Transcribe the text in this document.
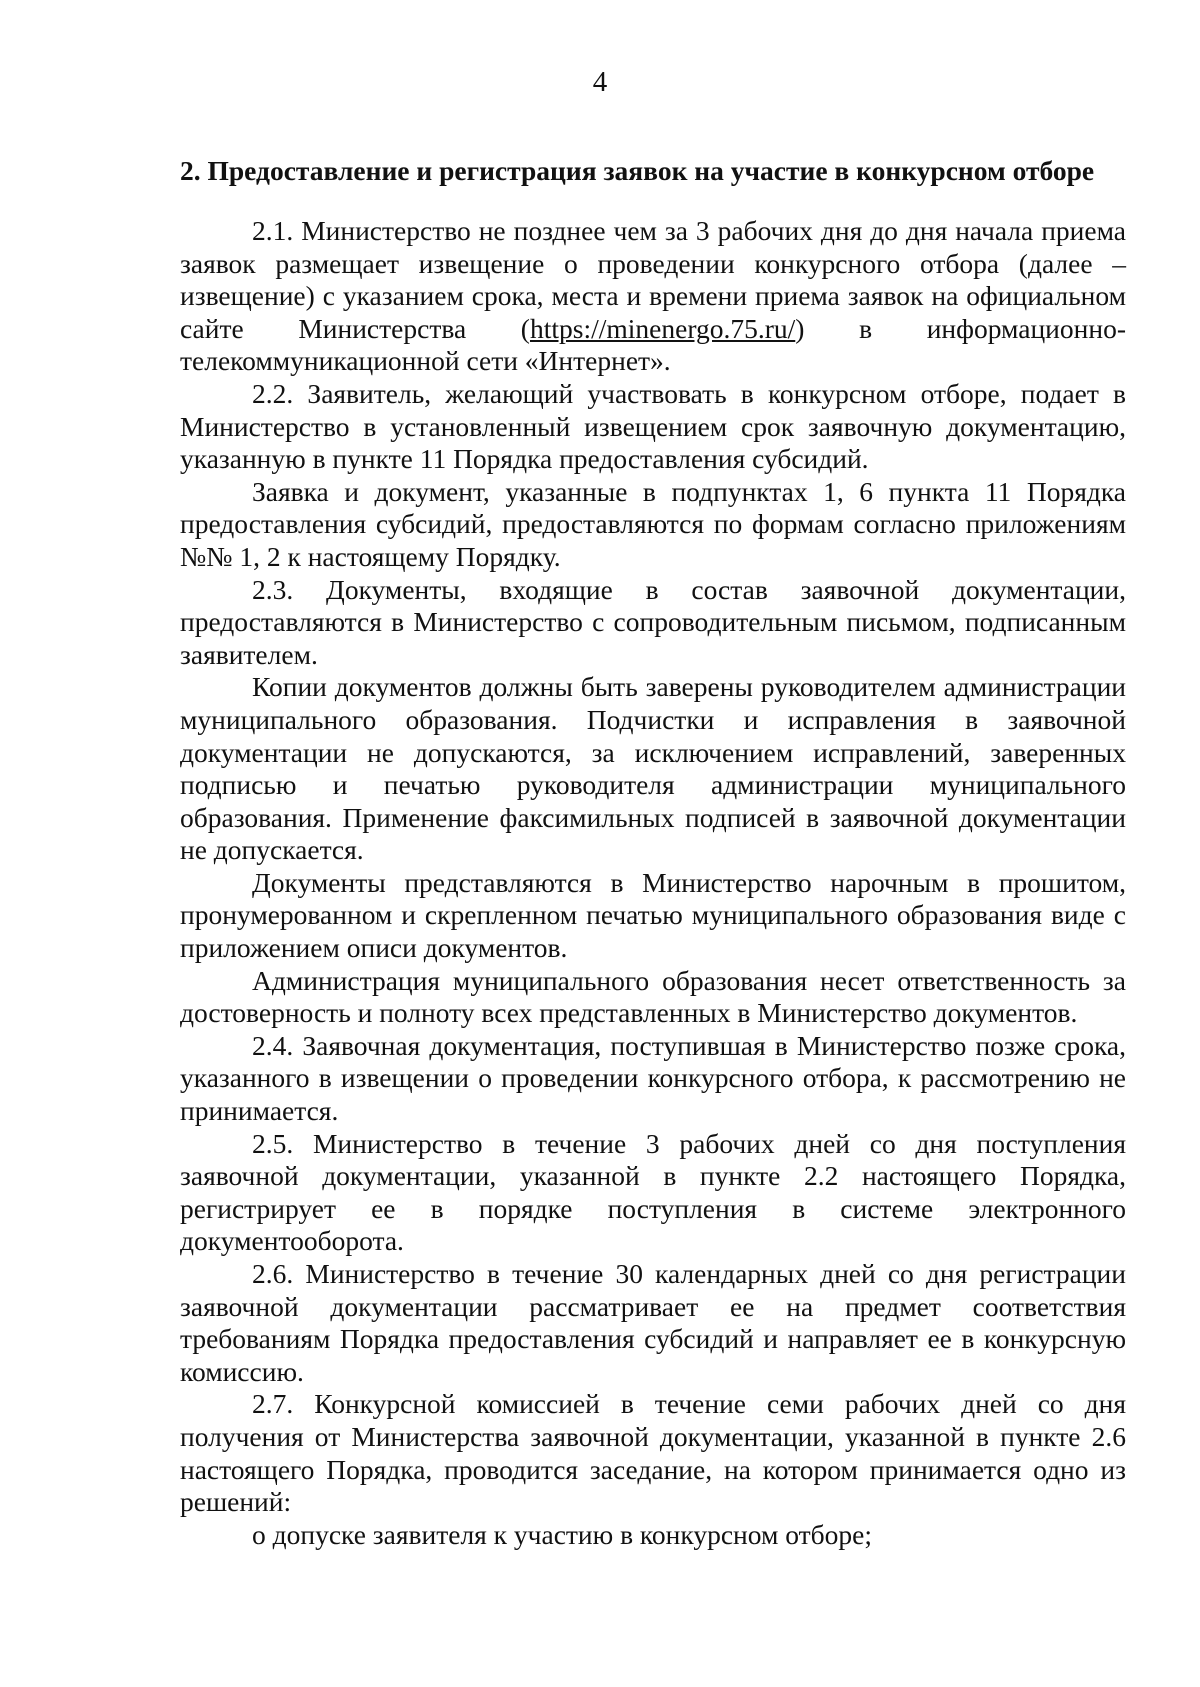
4
2. Предоставление и регистрация заявок на участие в конкурсном отборе

2.1. Министерство не позднее чем за 3 рабочих дня до дня начала приема заявок размещает извещение о проведении конкурсного отбора (далее – извещение) с указанием срока, места и времени приема заявок на официальном сайте Министерства (https://minenergo.75.ru/) в информационно-телекоммуникационной сети «Интернет».

2.2. Заявитель, желающий участвовать в конкурсном отборе, подает в Министерство в установленный извещением срок заявочную документацию, указанную в пункте 11 Порядка предоставления субсидий.

Заявка и документ, указанные в подпунктах 1, 6 пункта 11 Порядка предоставления субсидий, предоставляются по формам согласно приложениям №№ 1, 2 к настоящему Порядку.

2.3. Документы, входящие в состав заявочной документации, предоставляются в Министерство с сопроводительным письмом, подписанным заявителем.

Копии документов должны быть заверены руководителем администрации муниципального образования. Подчистки и исправления в заявочной документации не допускаются, за исключением исправлений, заверенных подписью и печатью руководителя администрации муниципального образования. Применение факсимильных подписей в заявочной документации не допускается.

Документы представляются в Министерство нарочным в прошитом, пронумерованном и скрепленном печатью муниципального образования виде с приложением описи документов.

Администрация муниципального образования несет ответственность за достоверность и полноту всех представленных в Министерство документов.

2.4. Заявочная документация, поступившая в Министерство позже срока, указанного в извещении о проведении конкурсного отбора, к рассмотрению не принимается.

2.5. Министерство в течение 3 рабочих дней со дня поступления заявочной документации, указанной в пункте 2.2 настоящего Порядка, регистрирует ее в порядке поступления в системе электронного документооборота.

2.6. Министерство в течение 30 календарных дней со дня регистрации заявочной документации рассматривает ее на предмет соответствия требованиям Порядка предоставления субсидий и направляет ее в конкурсную комиссию.

2.7. Конкурсной комиссией в течение семи рабочих дней со дня получения от Министерства заявочной документации, указанной в пункте 2.6 настоящего Порядка, проводится заседание, на котором принимается одно из решений:

о допуске заявителя к участию в конкурсном отборе;
